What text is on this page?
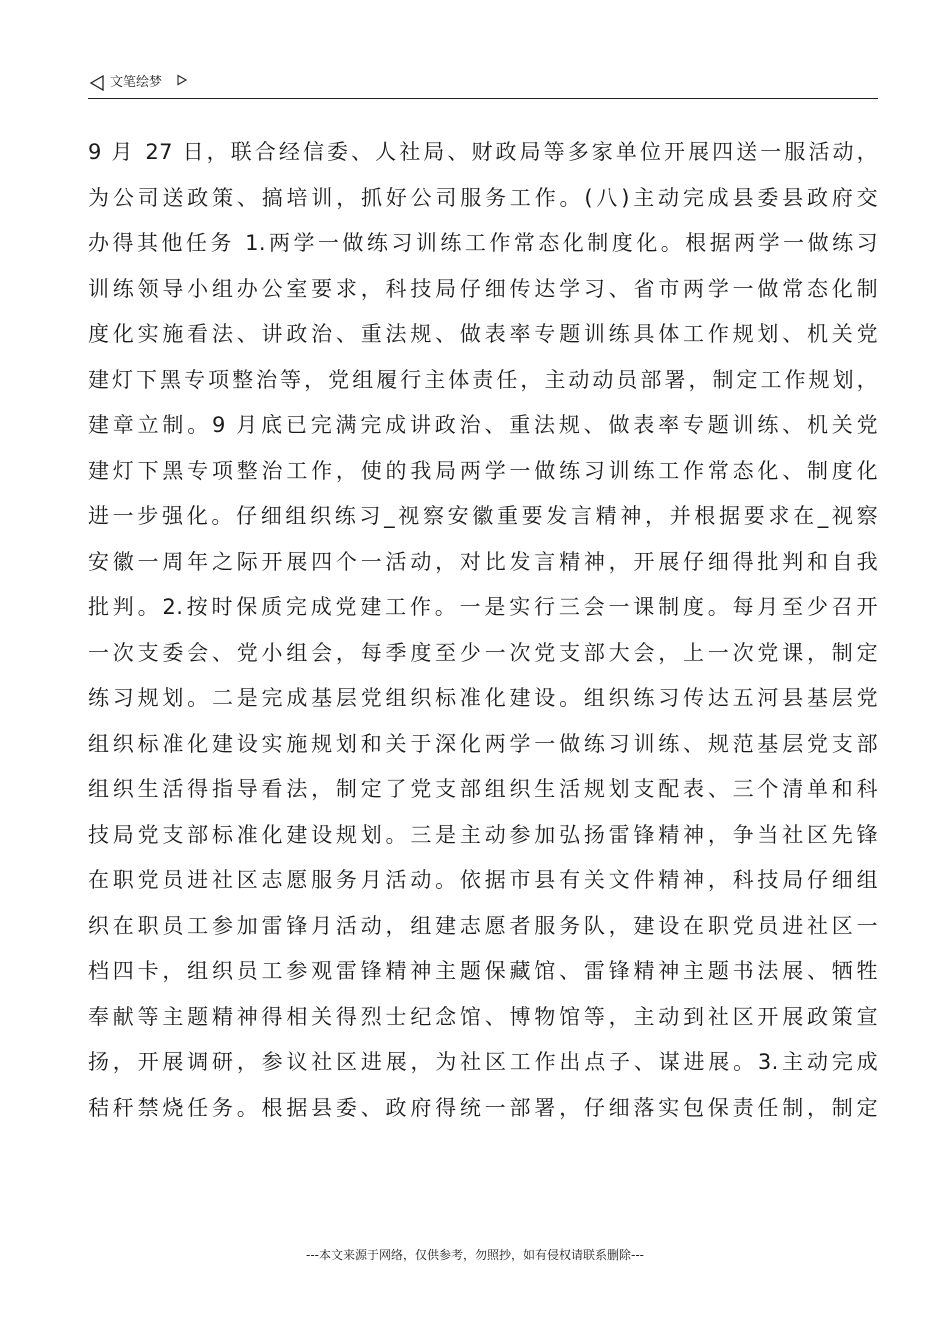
文笔绘梦
9 月 27 日，联合经信委、人社局、财政局等多家单位开展四送一服活动，
为公司送政策、搞培训，抓好公司服务工作。(八)主动完成县委县政府交
办得其他任务 1.两学一做练习训练工作常态化制度化。根据两学一做练习
训练领导小组办公室要求，科技局仔细传达学习、省市两学一做常态化制
度化实施看法、讲政治、重法规、做表率专题训练具体工作规划、机关党
建灯下黑专项整治等，党组履行主体责任，主动动员部署，制定工作规划，
建章立制。9 月底已完满完成讲政治、重法规、做表率专题训练、机关党
建灯下黑专项整治工作，使的我局两学一做练习训练工作常态化、制度化
进一步强化。仔细组织练习_视察安徽重要发言精神，并根据要求在_视察
安徽一周年之际开展四个一活动，对比发言精神，开展仔细得批判和自我
批判。2.按时保质完成党建工作。一是实行三会一课制度。每月至少召开
一次支委会、党小组会，每季度至少一次党支部大会，上一次党课，制定
练习规划。二是完成基层党组织标准化建设。组织练习传达五河县基层党
组织标准化建设实施规划和关于深化两学一做练习训练、规范基层党支部
组织生活得指导看法，制定了党支部组织生活规划支配表、三个清单和科
技局党支部标准化建设规划。三是主动参加弘扬雷锋精神，争当社区先锋
在职党员进社区志愿服务月活动。依据市县有关文件精神，科技局仔细组
织在职员工参加雷锋月活动，组建志愿者服务队，建设在职党员进社区一
档四卡，组织员工参观雷锋精神主题保藏馆、雷锋精神主题书法展、牺牲
奉献等主题精神得相关得烈士纪念馆、博物馆等，主动到社区开展政策宣
扬，开展调研，参议社区进展，为社区工作出点子、谋进展。3.主动完成
秸秆禁烧任务。根据县委、政府得统一部署，仔细落实包保责任制，制定
---本文来源于网络，仅供参考，勿照抄，如有侵权请联系删除---
